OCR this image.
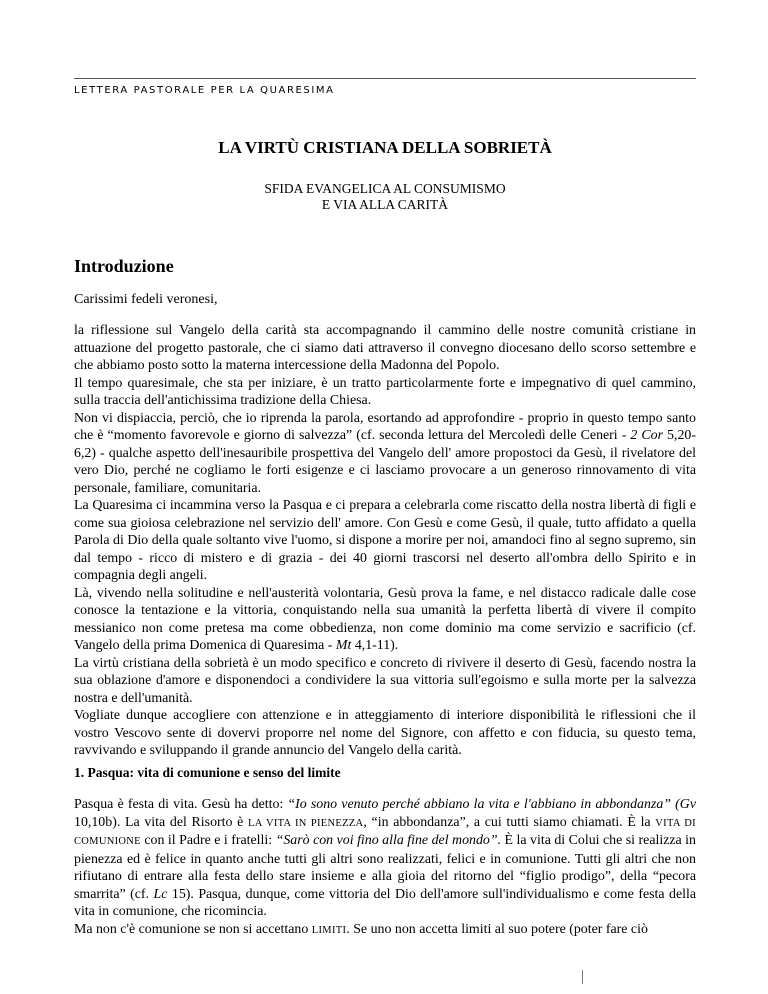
LETTERA PASTORALE PER LA QUARESIMA
LA VIRTÙ CRISTIANA DELLA SOBRIETÀ
SFIDA EVANGELICA AL CONSUMISMO
E VIA ALLA CARITÀ
Introduzione
Carissimi fedeli veronesi,

la riflessione sul Vangelo della carità sta accompagnando il cammino delle nostre comunità cristiane in attuazione del progetto pastorale, che ci siamo dati attraverso il convegno diocesano dello scorso settembre e che abbiamo posto sotto la materna intercessione della Madonna del Popolo.

Il tempo quaresimale, che sta per iniziare, è un tratto particolarmente forte e impegnativo di quel cammino, sulla traccia dell'antichissima tradizione della Chiesa.

Non vi dispiaccia, perciò, che io riprenda la parola, esortando ad approfondire - proprio in questo tempo santo che è “momento favorevole e giorno di salvezza” (cf. seconda lettura del Mercoledì delle Ceneri - 2 Cor 5,20-6,2) - qualche aspetto dell'inesauribile prospettiva del Vangelo dell' amore propostoci da Gesù, il rivelatore del vero Dio, perché ne cogliamo le forti esigenze e ci lasciamo provocare a un generoso rinnovamento di vita personale, familiare, comunitaria.

La Quaresima ci incammina verso la Pasqua e ci prepara a celebrarla come riscatto della nostra libertà di figli e come sua gioiosa celebrazione nel servizio dell' amore. Con Gesù e come Gesù, il quale, tutto affidato a quella Parola di Dio della quale soltanto vive l'uomo, si dispone a morire per noi, amandoci fino al segno supremo, sin dal tempo - ricco di mistero e di grazia - dei 40 giorni trascorsi nel deserto all'ombra dello Spirito e in compagnia degli angeli.

Là, vivendo nella solitudine e nell'austerità volontaria, Gesù prova la fame, e nel distacco radicale dalle cose conosce la tentazione e la vittoria, conquistando nella sua umanità la perfetta libertà di vivere il compito messianico non come pretesa ma come obbedienza, non come dominio ma come servizio e sacrificio (cf. Vangelo della prima Domenica di Quaresima - Mt 4,1-11).

La virtù cristiana della sobrietà è un modo specifico e concreto di rivivere il deserto di Gesù, facendo nostra la sua oblazione d'amore e disponendoci a condividere la sua vittoria sull'egoismo e sulla morte per la salvezza nostra e dell'umanità.

Vogliate dunque accogliere con attenzione e in atteggiamento di interiore disponibilità le riflessioni che il vostro Vescovo sente di dovervi proporre nel nome del Signore, con affetto e con fiducia, su questo tema, ravvivando e sviluppando il grande annuncio del Vangelo della carità.

1. Pasqua: vita di comunione e senso del limite

Pasqua è festa di vita. Gesù ha detto: “Io sono venuto perché abbiano la vita e l'abbiano in abbondanza” (Gv 10,10b). La vita del Risorto è LA VITA IN PIENEZZA, “in abbondanza”, a cui tutti siamo chiamati. È la VITA DI COMUNIONE con il Padre e i fratelli: “Sarò con voi fino alla fine del mondo”. È la vita di Colui che si realizza in pienezza ed è felice in quanto anche tutti gli altri sono realizzati, felici e in comunione. Tutti gli altri che non rifiutano di entrare alla festa dello stare insieme e alla gioia del ritorno del “figlio prodigo”, della “pecora smarrita” (cf. Lc 15). Pasqua, dunque, come vittoria del Dio dell'amore sull'individualismo e come festa della vita in comunione, che ricomincia.

Ma non c'è comunione se non si accettano LIMITI. Se uno non accetta limiti al suo potere (poter fare ciò
